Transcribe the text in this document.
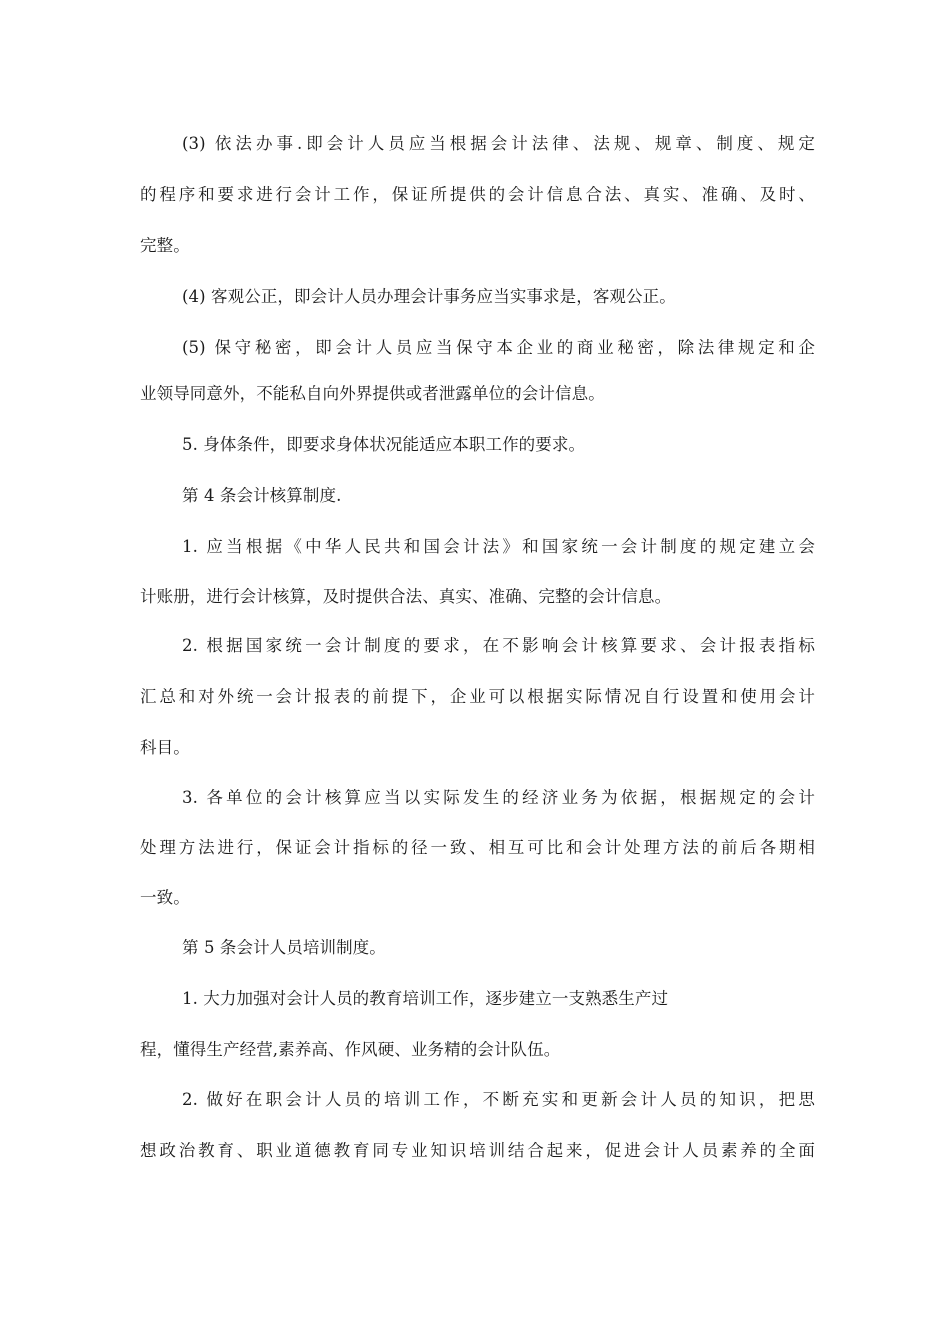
(3) 依法办事.即会计人员应当根据会计法律、法规、规章、制度、规定
的程序和要求进行会计工作，保证所提供的会计信息合法、真实、准确、及时、
完整。
(4) 客观公正，即会计人员办理会计事务应当实事求是，客观公正。
(5) 保守秘密，即会计人员应当保守本企业的商业秘密，除法律规定和企
业领导同意外，不能私自向外界提供或者泄露单位的会计信息。
5. 身体条件，即要求身体状况能适应本职工作的要求。
第 4 条会计核算制度.
1. 应当根据《中华人民共和国会计法》和国家统一会计制度的规定建立会
计账册，进行会计核算，及时提供合法、真实、准确、完整的会计信息。
2. 根据国家统一会计制度的要求，在不影响会计核算要求、会计报表指标
汇总和对外统一会计报表的前提下，企业可以根据实际情况自行设置和使用会计
科目。
3. 各单位的会计核算应当以实际发生的经济业务为依据，根据规定的会计
处理方法进行，保证会计指标的径一致、相互可比和会计处理方法的前后各期相
一致。
第 5 条会计人员培训制度。
1. 大力加强对会计人员的教育培训工作，逐步建立一支熟悉生产过
程，懂得生产经营,素养高、作风硬、业务精的会计队伍。
2. 做好在职会计人员的培训工作，不断充实和更新会计人员的知识，把思
想政治教育、职业道德教育同专业知识培训结合起来，促进会计人员素养的全面
